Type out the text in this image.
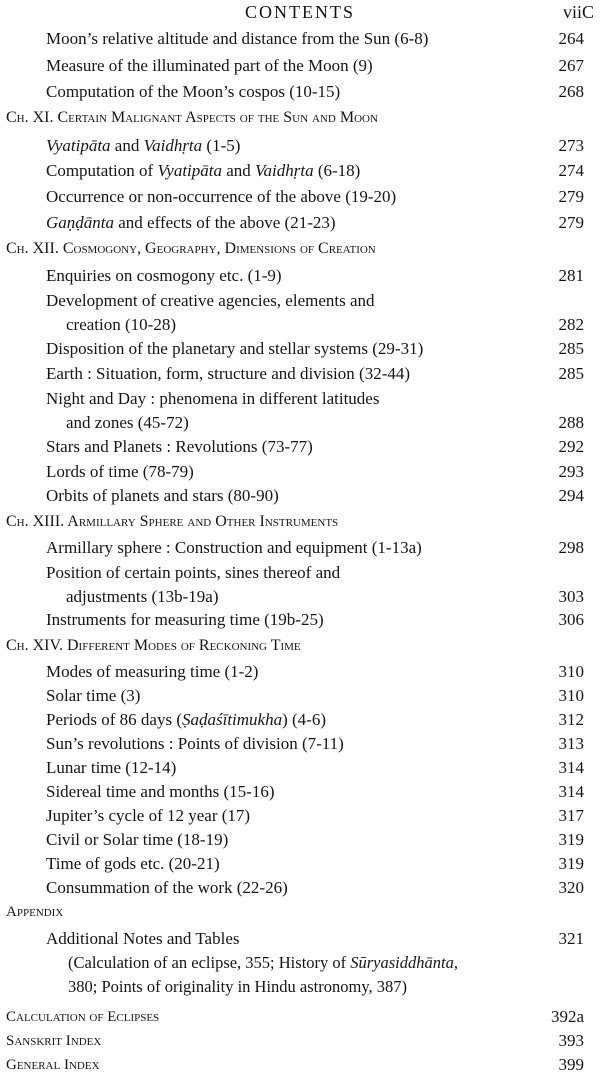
CONTENTS	viiC
Moon’s relative altitude and distance from the Sun (6-8)	264
Measure of the illuminated part of the Moon (9)	267
Computation of the Moon’s cospos (10-15)	268
Ch. XI. Certain Malignant Aspects of the Sun and Moon
Vyatipāta and Vaidhṛta (1-5)	273
Computation of Vyatipāta and Vaidhṛta (6-18)	274
Occurrence or non-occurrence of the above (19-20)	279
Gaṇḍānta and effects of the above (21-23)	279
Ch. XII. Cosmogony, Geography, Dimensions of Creation
Enquiries on cosmogony etc. (1-9)	281
Development of creative agencies, elements and
creation (10-28)	282
Disposition of the planetary and stellar systems (29-31)	285
Earth : Situation, form, structure and division (32-44)	285
Night and Day : phenomena in different latitudes
and zones (45-72)	288
Stars and Planets : Revolutions (73-77)	292
Lords of time (78-79)	293
Orbits of planets and stars (80-90)	294
Ch. XIII. Armillary Sphere and Other Instruments
Armillary sphere : Construction and equipment (1-13a)	298
Position of certain points, sines thereof and
adjustments (13b-19a)	303
Instruments for measuring time (19b-25)	306
Ch. XIV. Different Modes of Reckoning Time
Modes of measuring time (1-2)	310
Solar time (3)	310
Periods of 86 days (Ṣaḍaśītimukha) (4-6)	312
Sun’s revolutions : Points of division (7-11)	313
Lunar time (12-14)	314
Sidereal time and months (15-16)	314
Jupiter’s cycle of 12 year (17)	317
Civil or Solar time (18-19)	319
Time of gods etc. (20-21)	319
Consummation of the work (22-26)	320
Appendix
Additional Notes and Tables	321
(Calculation of an eclipse, 355; History of Sūryasiddhānta,
380; Points of originality in Hindu astronomy, 387)
Calculation of Eclipses	392a
Sanskrit Index	393
General Index	399
